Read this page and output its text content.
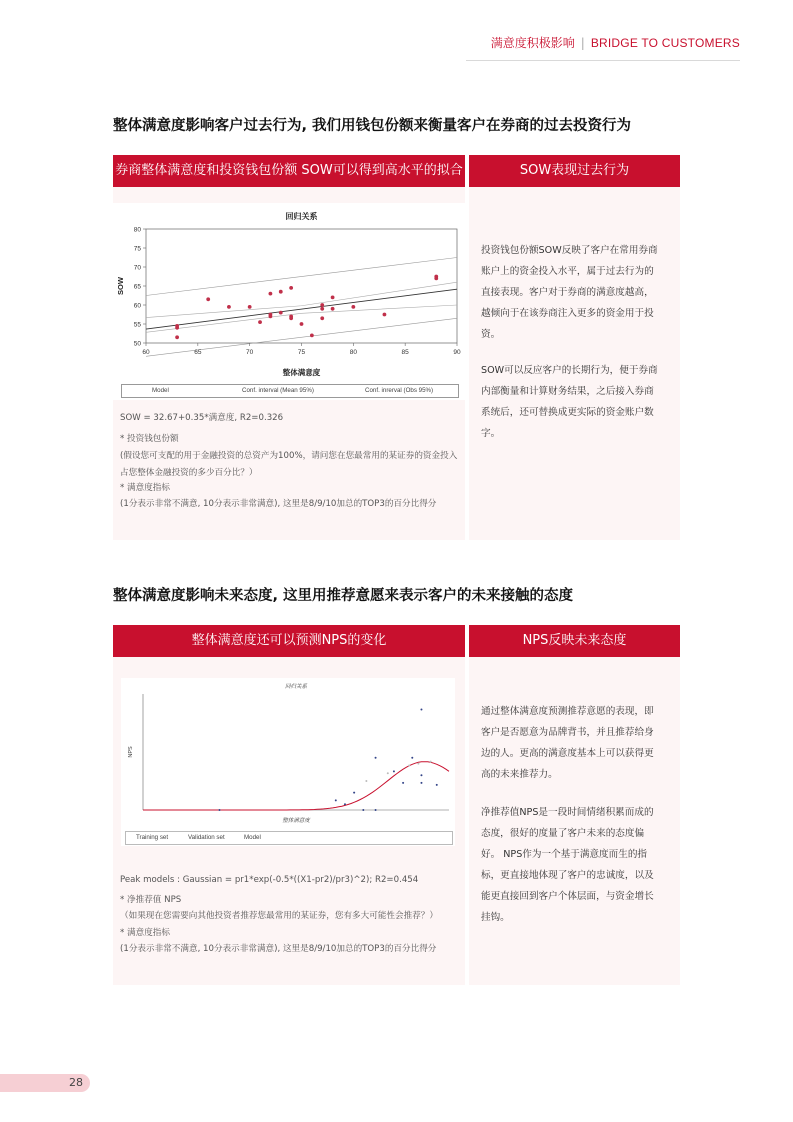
满意度积极影响 | BRIDGE TO CUSTOMERS
整体满意度影响客户过去行为, 我们用钱包份额来衡量客户在券商的过去投资行为
券商整体满意度和投资钱包份额 SOW可以得到高水平的拟合	SOW表现过去行为
回归关系
60	65	70	75	80	85	90
50
55
60
65
70
75
80
整体满意度
SOW
Model	Conf. interval (Mean 95%)	Conf. inrerval (Obs 95%)
SOW = 32.67+0.35*满意度, R2=0.326
* 投资钱包份额
(假设您可支配的用于金融投资的总资产为100%，请问您在您最常用的某证券的资金投入占您整体金融投资的多少百分比？）
* 满意度指标
(1分表示非常不满意, 10分表示非常满意), 这里是8/9/10加总的TOP3的百分比得分
投资钱包份额SOW反映了客户在常用券商账户上的资金投入水平，属于过去行为的直接表现。客户对于券商的满意度越高，越倾向于在该券商注入更多的资金用于投资。
SOW可以反应客户的长期行为，便于券商内部衡量和计算财务结果，之后接入券商系统后，还可替换成更实际的资金账户数字。
整体满意度影响未来态度, 这里用推荐意愿来表示客户的未来接触的态度
整体满意度还可以预测NPS的变化	NPS反映未来态度
回归关系
整体满意度
NPS
Training set	Validation set	Model
Peak models : Gaussian = pr1*exp(-0.5*((X1-pr2)/pr3)^2); R2=0.454
* 净推荐值 NPS
（如果现在您需要向其他投资者推荐您最常用的某证券，您有多大可能性会推荐？）
* 满意度指标
(1分表示非常不满意, 10分表示非常满意), 这里是8/9/10加总的TOP3的百分比得分
通过整体满意度预测推荐意愿的表现，即客户是否愿意为品牌背书，并且推荐给身边的人。更高的满意度基本上可以获得更高的未来推荐力。
净推荐值NPS是一段时间情绪积累而成的态度，很好的度量了客户未来的态度偏好。 NPS作为一个基于满意度而生的指标，更直接地体现了客户的忠诚度，以及能更直接回到客户个体层面，与资金增长挂钩。
28
